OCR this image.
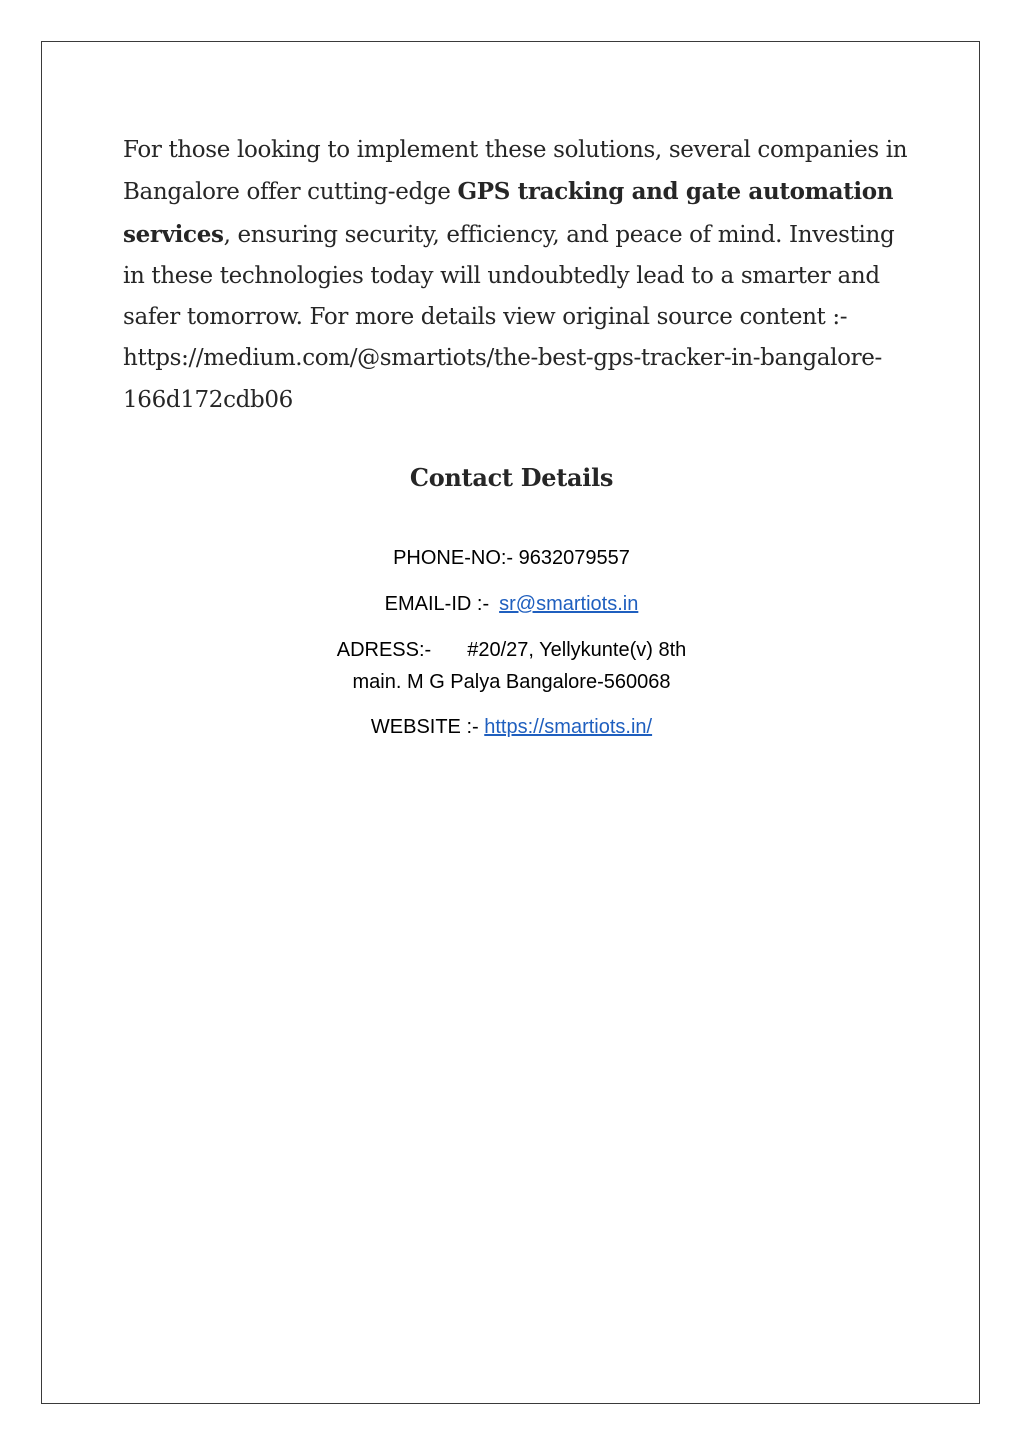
For those looking to implement these solutions, several companies in Bangalore offer cutting-edge GPS tracking and gate automation services, ensuring security, efficiency, and peace of mind. Investing in these technologies today will undoubtedly lead to a smarter and safer tomorrow. For more details view original source content :- https://medium.com/@smartiots/the-best-gps-tracker-in-bangalore-166d172cdb06

Contact Details

PHONE-NO:- 9632079557

EMAIL-ID :- sr@smartiots.in

ADRESS:- #20/27, Yellykunte(v) 8th

main. M G Palya Bangalore-560068

WEBSITE :- https://smartiots.in/
